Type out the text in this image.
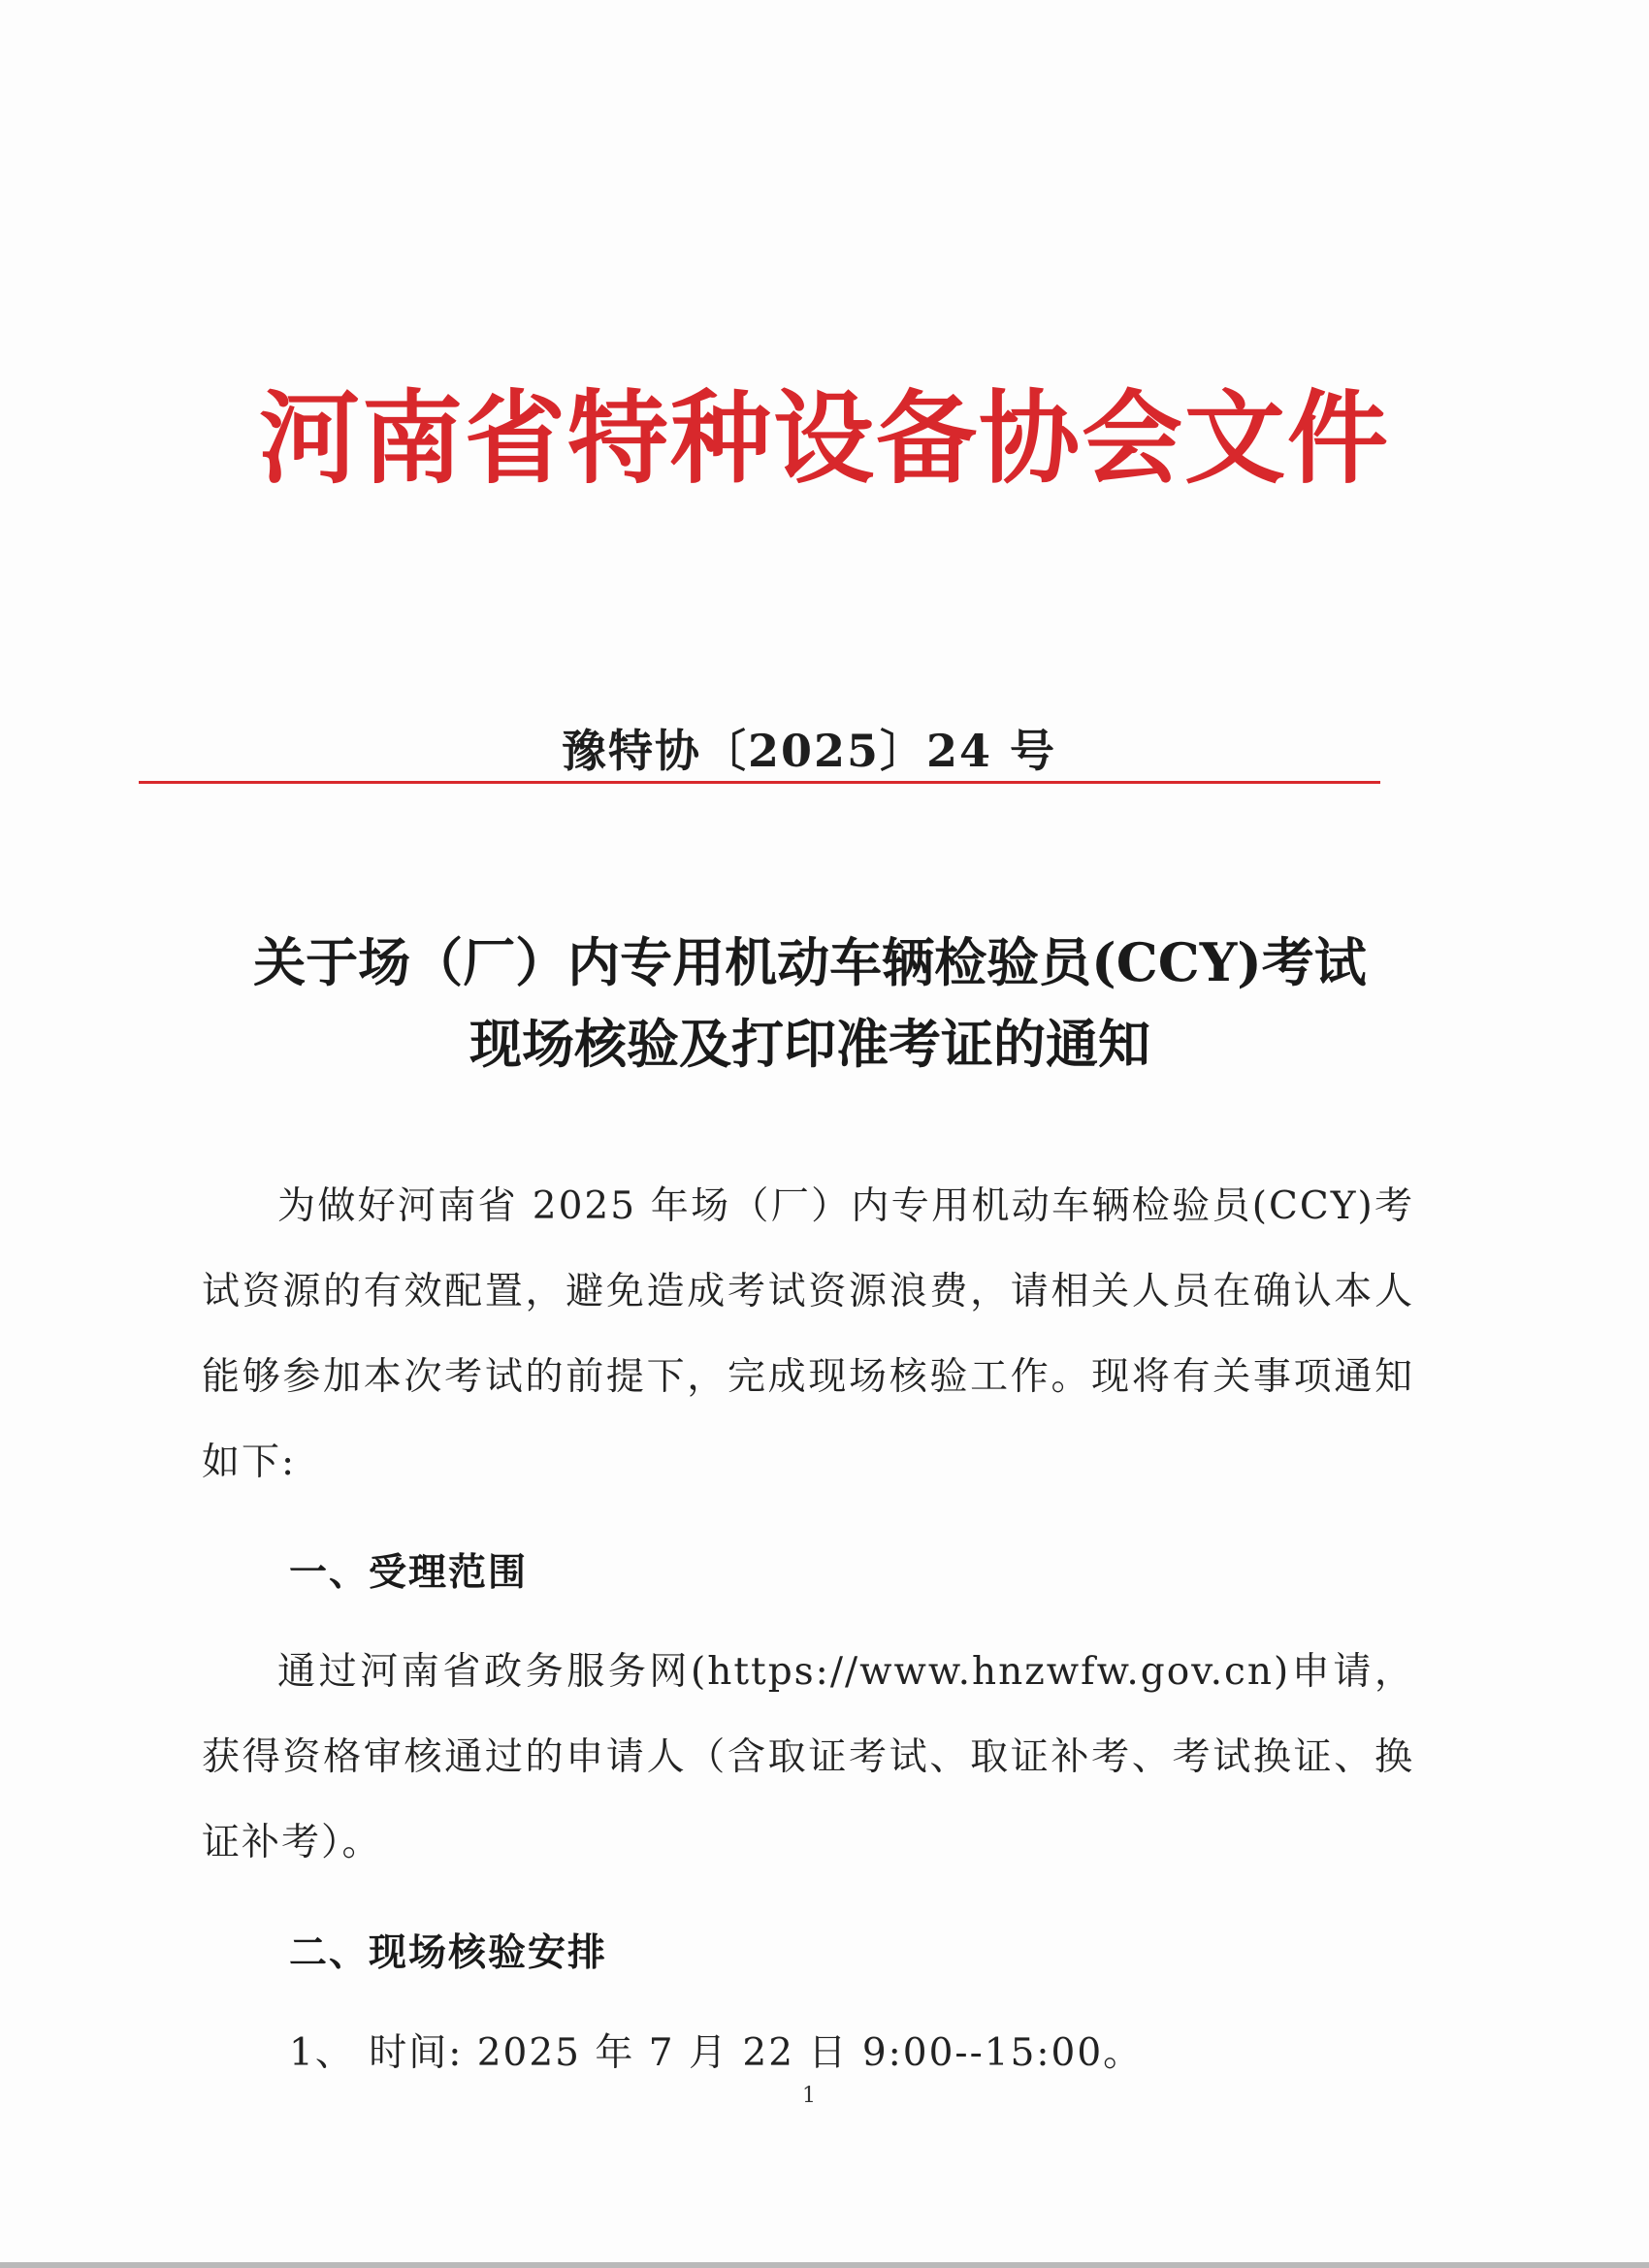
河南省特种设备协会文件
豫特协〔2025〕24 号
关于场（厂）内专用机动车辆检验员(CCY)考试
现场核验及打印准考证的通知

为做好河南省 2025 年场（厂）内专用机动车辆检验员(CCY)考试资源的有效配置，避免造成考试资源浪费，请相关人员在确认本人能够参加本次考试的前提下，完成现场核验工作。现将有关事项通知如下:

一、受理范围

通过河南省政务服务网(https://www.hnzwfw.gov.cn)申请，获得资格审核通过的申请人（含取证考试、取证补考、考试换证、换证补考）。

二、现场核验安排
1、 时间: 2025 年 7 月 22 日 9:00--15:00。
1
